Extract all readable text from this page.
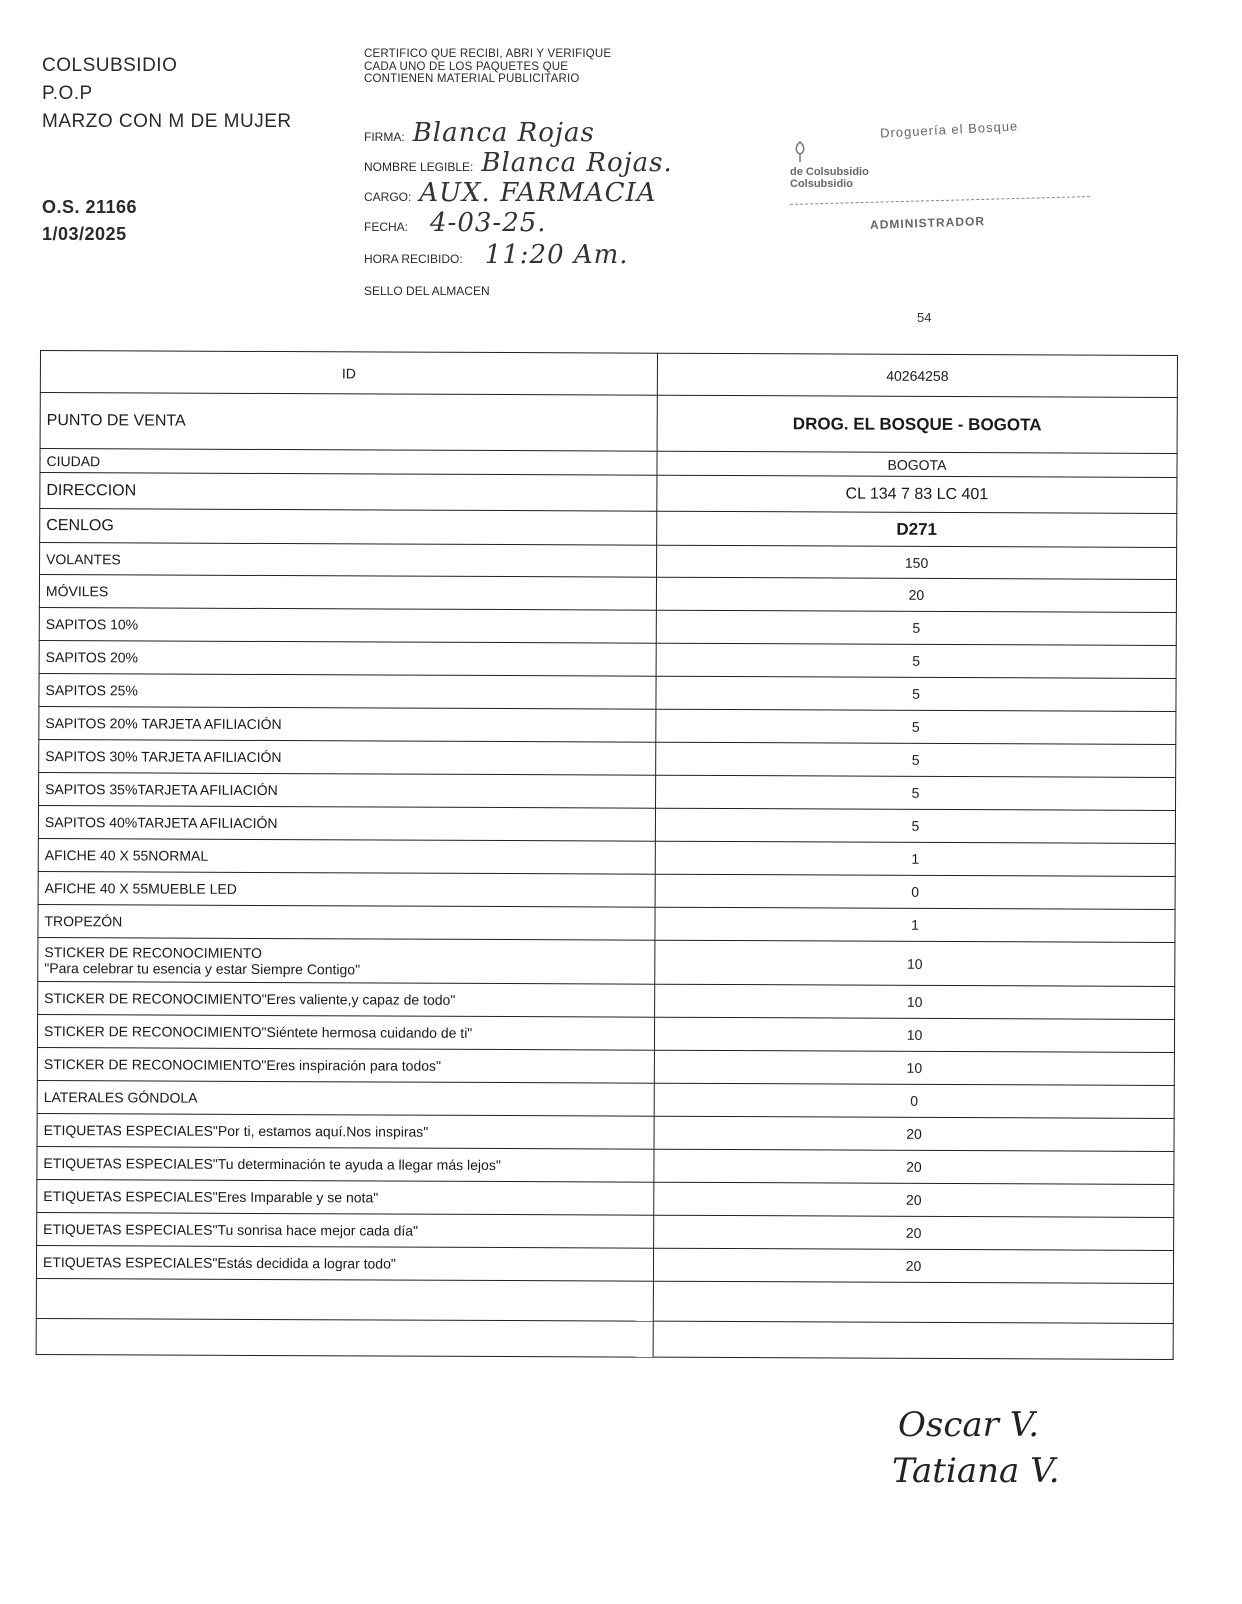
COLSUBSIDIO
P.O.P
MARZO CON M DE MUJER
O.S. 21166
1/03/2025
CERTIFICO QUE RECIBI, ABRI Y VERIFIQUE CADA UNO DE LOS PAQUETES QUE CONTIENEN MATERIAL PUBLICITARIO
FIRMA: Blanca Rojas
NOMBRE LEGIBLE: Blanca Rojas.
CARGO: AUX. FARMACIA
FECHA: 4-03-25.
HORA RECIBIDO: 11:20 Am.
SELLO DEL ALMACEN
Droguería el Bosque
de Colsubsidio
Colsubsidio
ADMINISTRADOR
54
ID	40264258

PUNTO DE VENTA	DROG. EL BOSQUE - BOGOTA

CIUDAD	BOGOTA

DIRECCION	CL 134 7 83 LC 401

CENLOG	D271

VOLANTES	150

MÓVILES	20

SAPITOS 10%	5

SAPITOS 20%	5

SAPITOS 25%	5

SAPITOS 20% TARJETA AFILIACIÓN	5

SAPITOS 30% TARJETA AFILIACIÓN	5

SAPITOS 35%TARJETA AFILIACIÓN	5

SAPITOS 40%TARJETA AFILIACIÓN	5

AFICHE 40 X 55NORMAL	1

AFICHE 40 X 55MUEBLE LED	0

TROPEZÓN	1

STICKER DE RECONOCIMIENTO
"Para celebrar tu esencia y estar Siempre Contigo"	10

STICKER DE RECONOCIMIENTO"Eres valiente,y capaz de todo"	10

STICKER DE RECONOCIMIENTO"Siéntete hermosa cuidando de ti"	10

STICKER DE RECONOCIMIENTO"Eres inspiración para todos"	10

LATERALES GÓNDOLA	0

ETIQUETAS ESPECIALES"Por ti, estamos aquí.Nos inspiras"	20

ETIQUETAS ESPECIALES"Tu determinación te ayuda a llegar más lejos"	20

ETIQUETAS ESPECIALES"Eres Imparable y se nota"	20

ETIQUETAS ESPECIALES"Tu sonrisa hace mejor cada día"	20

ETIQUETAS ESPECIALES"Estás decidida a lograr todo"	20

Oscar V.
Tatiana V.
